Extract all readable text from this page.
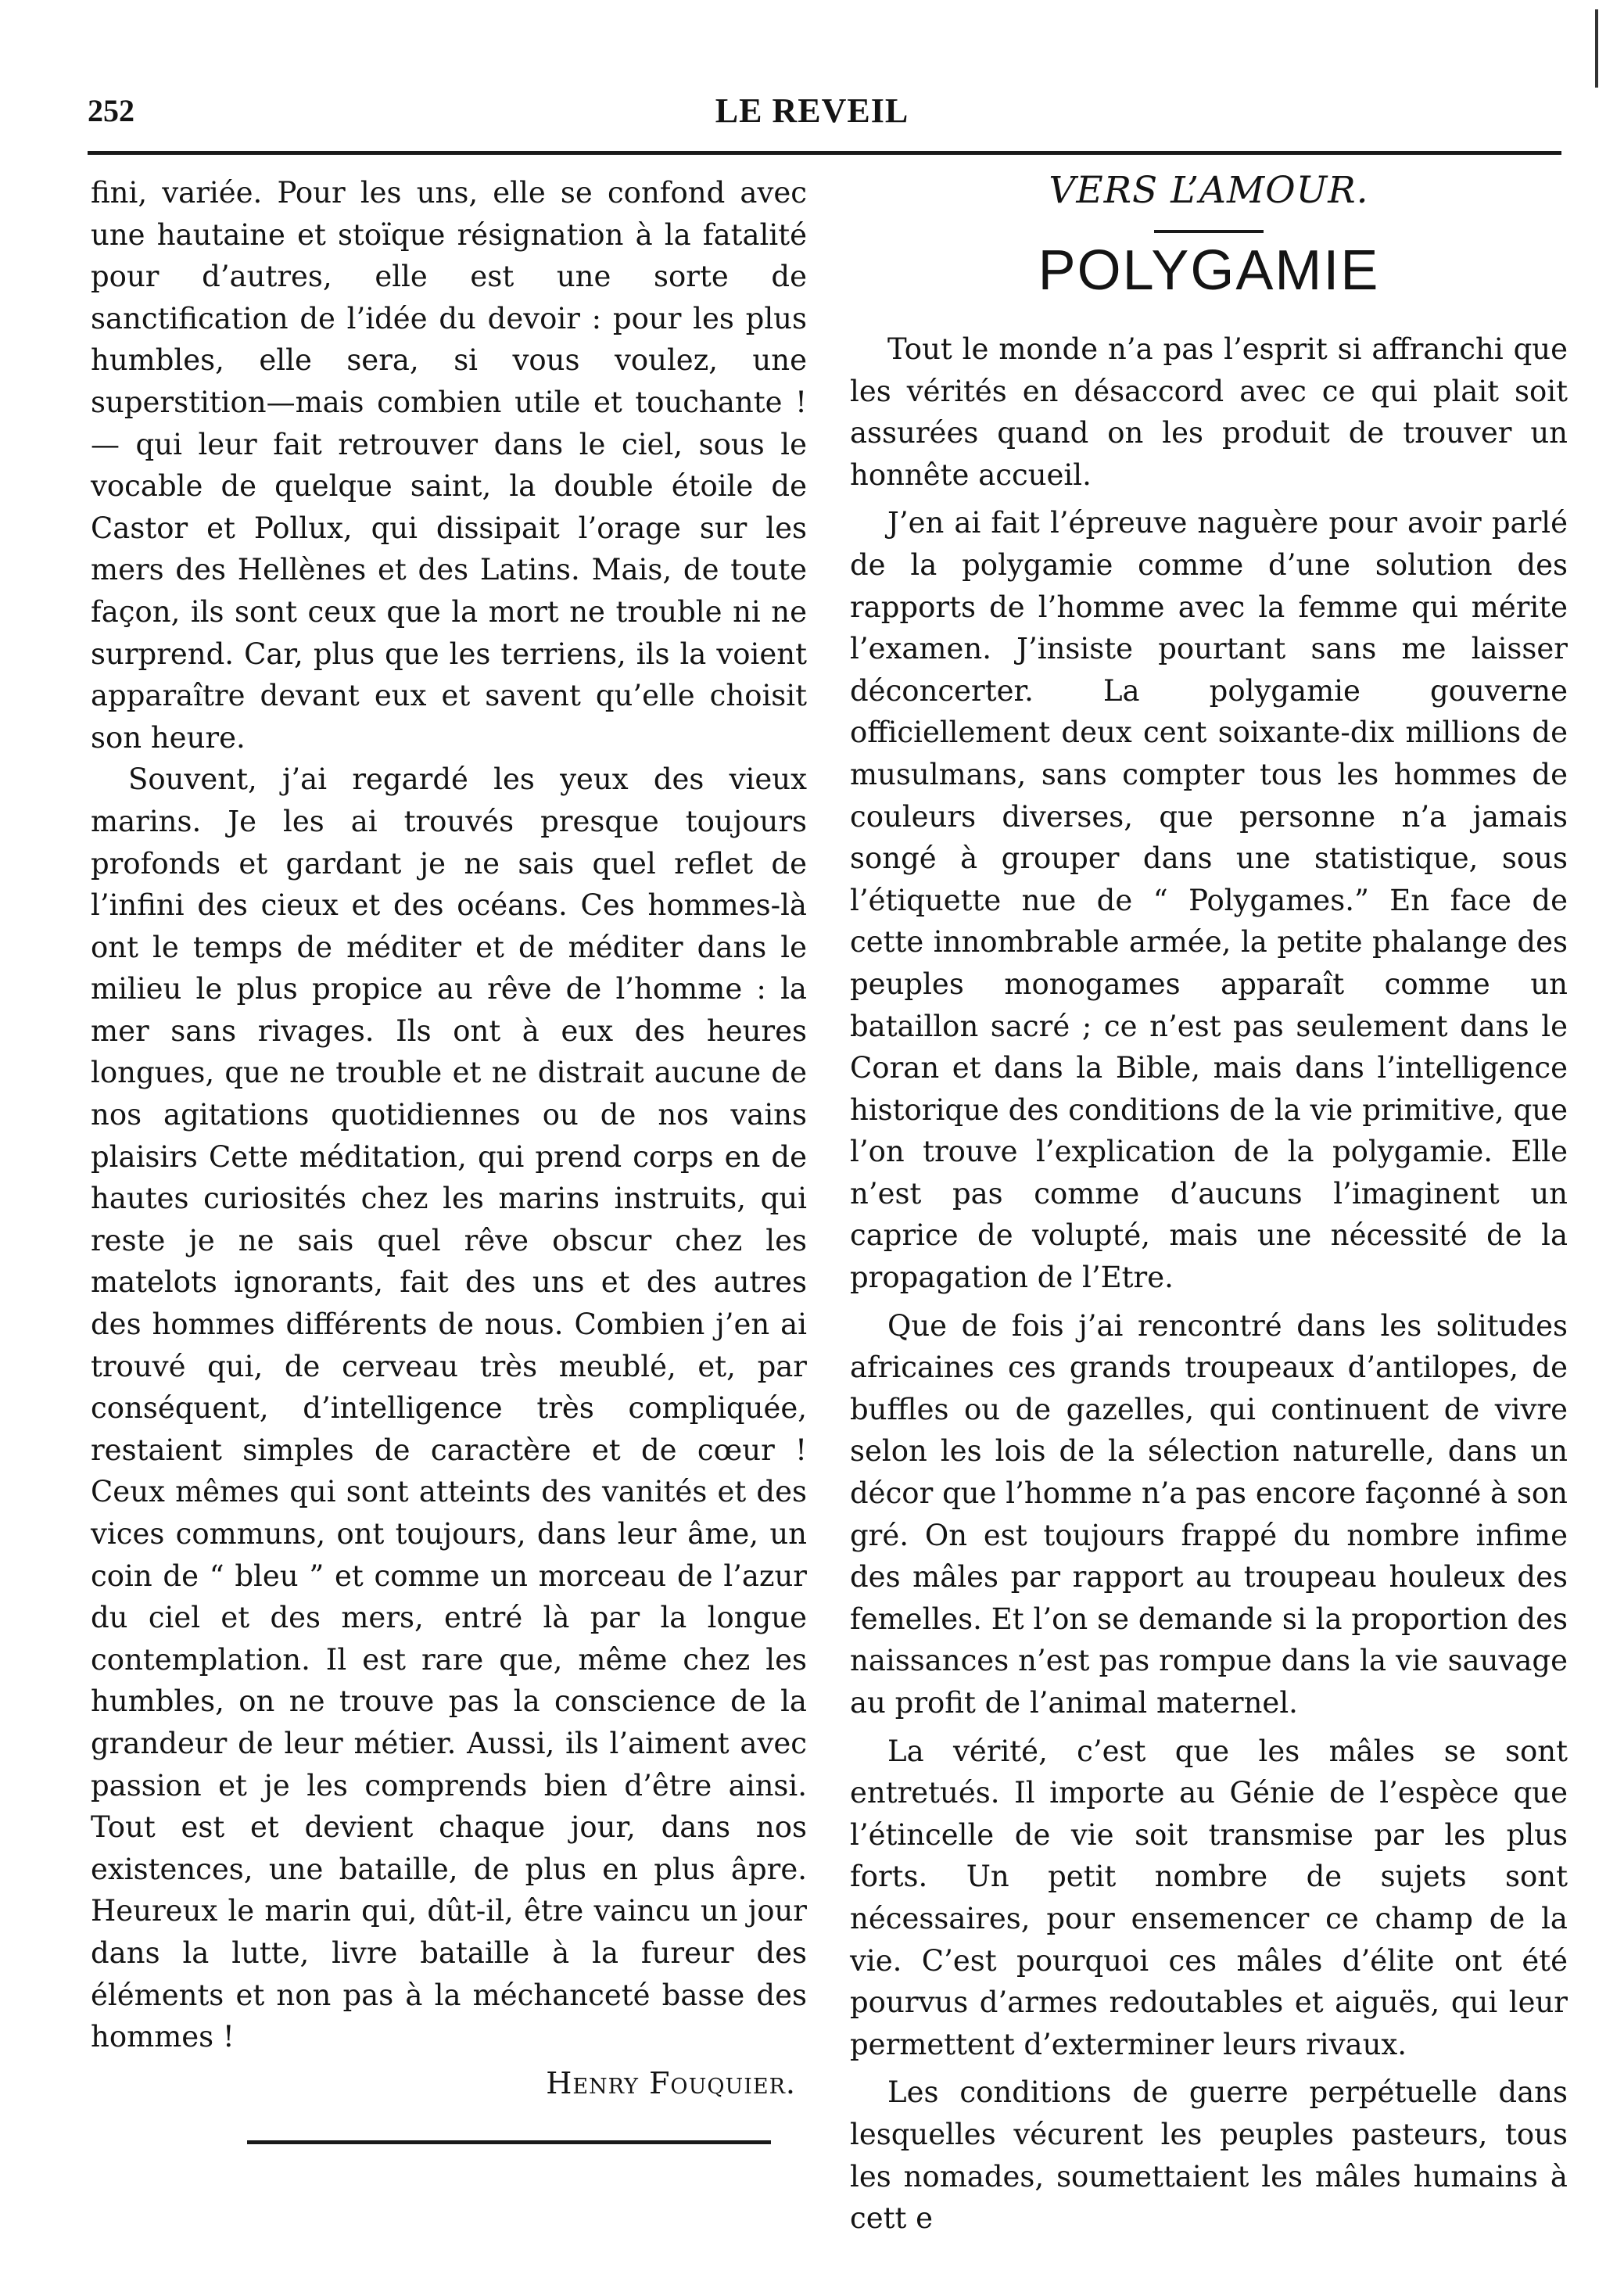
252	LE REVEIL

fini, variée. Pour les uns, elle se confond avec une hautaine et stoïque résignation à la fatalité pour d’autres, elle est une sorte de sanctification de l’idée du devoir : pour les plus humbles, elle sera, si vous voulez, une superstition—mais combien utile et touchante ! — qui leur fait retrouver dans le ciel, sous le vocable de quelque saint, la double étoile de Castor et Pollux, qui dissipait l’orage sur les mers des Hellènes et des Latins. Mais, de toute façon, ils sont ceux que la mort ne trouble ni ne surprend. Car, plus que les terriens, ils la voient apparaître devant eux et savent qu’elle choisit son heure.

Souvent, j’ai regardé les yeux des vieux marins. Je les ai trouvés presque toujours profonds et gardant je ne sais quel reflet de l’infini des cieux et des océans. Ces hommes-là ont le temps de méditer et de méditer dans le milieu le plus propice au rêve de l’homme : la mer sans rivages. Ils ont à eux des heures longues, que ne trouble et ne distrait aucune de nos agitations quotidiennes ou de nos vains plaisirs Cette méditation, qui prend corps en de hautes curiosités chez les marins instruits, qui reste je ne sais quel rêve obscur chez les matelots ignorants, fait des uns et des autres des hommes différents de nous. Combien j’en ai trouvé qui, de cerveau très meublé, et, par conséquent, d’intelligence très compliquée, restaient simples de caractère et de cœur ! Ceux mêmes qui sont atteints des vanités et des vices communs, ont toujours, dans leur âme, un coin de “ bleu ” et comme un morceau de l’azur du ciel et des mers, entré là par la longue contemplation. Il est rare que, même chez les humbles, on ne trouve pas la conscience de la grandeur de leur métier. Aussi, ils l’aiment avec passion et je les comprends bien d’être ainsi. Tout est et devient chaque jour, dans nos existences, une bataille, de plus en plus âpre. Heureux le marin qui, dût-il, être vaincu un jour dans la lutte, livre bataille à la fureur des éléments et non pas à la méchanceté basse des hommes !

Henry Fouquier.
VERS L’AMOUR.
POLYGAMIE

Tout le monde n’a pas l’esprit si affranchi que les vérités en désaccord avec ce qui plait soit assurées quand on les produit de trouver un honnête accueil.

J’en ai fait l’épreuve naguère pour avoir parlé de la polygamie comme d’une solution des rapports de l’homme avec la femme qui mérite l’examen. J’insiste pourtant sans me laisser déconcerter. La polygamie gouverne officiellement deux cent soixante-dix millions de musulmans, sans compter tous les hommes de couleurs diverses, que personne n’a jamais songé à grouper dans une statistique, sous l’étiquette nue de “ Polygames.” En face de cette innombrable armée, la petite phalange des peuples monogames apparaît comme un bataillon sacré ; ce n’est pas seulement dans le Coran et dans la Bible, mais dans l’intelligence historique des conditions de la vie primitive, que l’on trouve l’explication de la polygamie. Elle n’est pas comme d’aucuns l’imaginent un caprice de volupté, mais une nécessité de la propagation de l’Etre.

Que de fois j’ai rencontré dans les solitudes africaines ces grands troupeaux d’antilopes, de buffles ou de gazelles, qui continuent de vivre selon les lois de la sélection naturelle, dans un décor que l’homme n’a pas encore façonné à son gré. On est toujours frappé du nombre infime des mâles par rapport au troupeau houleux des femelles. Et l’on se demande si la proportion des naissances n’est pas rompue dans la vie sauvage au profit de l’animal maternel.

La vérité, c’est que les mâles se sont entretués. Il importe au Génie de l’espèce que l’étincelle de vie soit transmise par les plus forts. Un petit nombre de sujets sont nécessaires, pour ensemencer ce champ de la vie. C’est pourquoi ces mâles d’élite ont été pourvus d’armes redoutables et aiguës, qui leur permettent d’exterminer leurs rivaux.

Les conditions de guerre perpétuelle dans lesquelles vécurent les peuples pasteurs, tous les nomades, soumettaient les mâles humains à cett e
